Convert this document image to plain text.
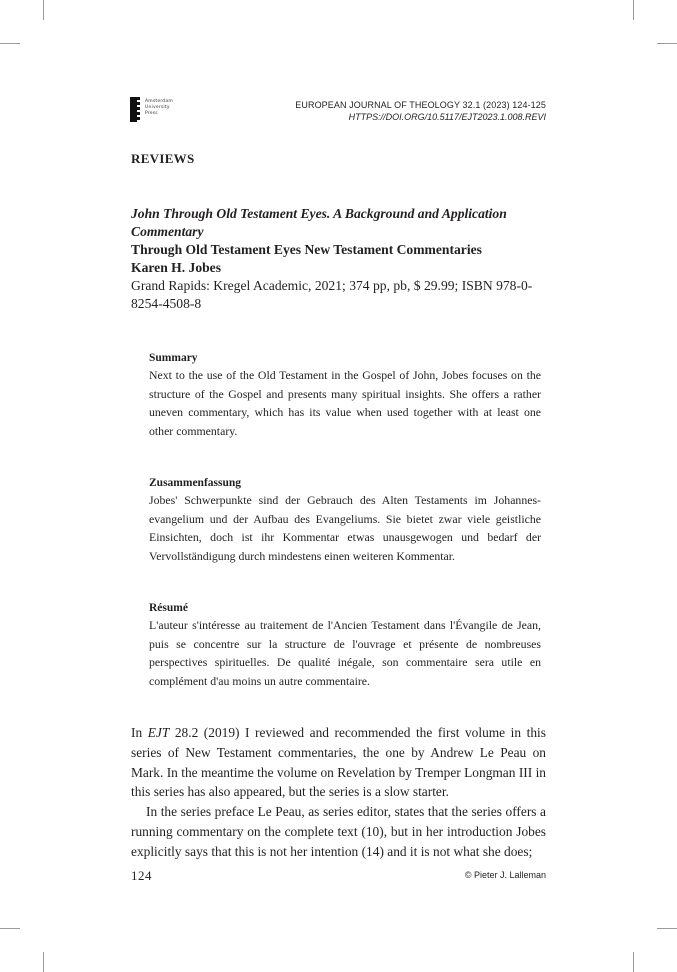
Amsterdam
University
Press
EUROPEAN JOURNAL OF THEOLOGY 32.1 (2023) 124-125
HTTPS://DOI.ORG/10.5117/EJT2023.1.008.REVI
REVIEWS
John Through Old Testament Eyes. A Background and Application Commentary
Through Old Testament Eyes New Testament Commentaries
Karen H. Jobes
Grand Rapids: Kregel Academic, 2021; 374 pp, pb, $ 29.99; ISBN 978-0-8254-4508-8
Summary

Next to the use of the Old Testament in the Gospel of John, Jobes focuses on the structure of the Gospel and presents many spiritual insights. She offers a rather uneven commentary, which has its value when used together with at least one other commentary.

Zusammenfassung

Jobes' Schwerpunkte sind der Gebrauch des Alten Testaments im Johannes-evangelium und der Aufbau des Evangeliums. Sie bietet zwar viele geistliche Einsichten, doch ist ihr Kommentar etwas unausgewogen und bedarf der Vervollständigung durch mindestens einen weiteren Kommentar.

Résumé

L'auteur s'intéresse au traitement de l'Ancien Testament dans l'Évangile de Jean, puis se concentre sur la structure de l'ouvrage et présente de nombreuses perspectives spirituelles. De qualité inégale, son commentaire sera utile en complément d'au moins un autre commentaire.

In EJT 28.2 (2019) I reviewed and recommended the first volume in this series of New Testament commentaries, the one by Andrew Le Peau on Mark. In the meantime the volume on Revelation by Tremper Longman III in this series has also appeared, but the series is a slow starter.

In the series preface Le Peau, as series editor, states that the series offers a running commentary on the complete text (10), but in her introduction Jobes explicitly says that this is not her intention (14) and it is not what she does;

124	© Pieter J. Lalleman
